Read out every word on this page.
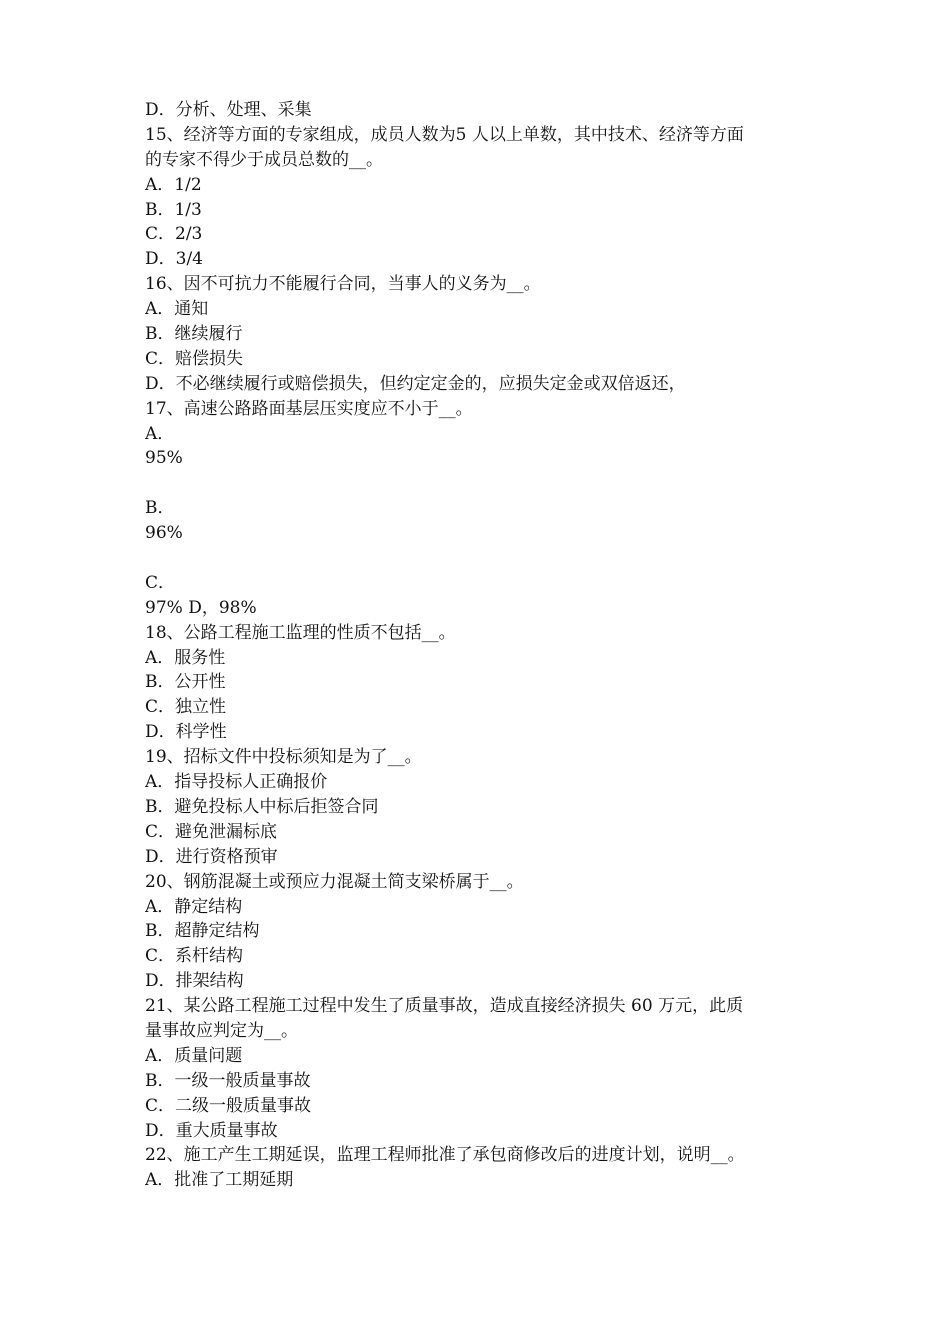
D．分析、处理、采集
15、经济等方面的专家组成，成员人数为5 人以上单数，其中技术、经济等方面
的专家不得少于成员总数的__。
A．1/2
B．1/3
C．2/3
D．3/4
16、因不可抗力不能履行合同，当事人的义务为__。
A．通知
B．继续履行
C．赔偿损失
D．不必继续履行或赔偿损失，但约定定金的，应损失定金或双倍返还，
17、高速公路路面基层压实度应不小于__。
A．
95%
B．
96%
C．
97% D，98%
18、公路工程施工监理的性质不包括__。
A．服务性
B．公开性
C．独立性
D．科学性
19、招标文件中投标须知是为了__。
A．指导投标人正确报价
B．避免投标人中标后拒签合同
C．避免泄漏标底
D．进行资格预审
20、钢筋混凝土或预应力混凝土简支梁桥属于__。
A．静定结构
B．超静定结构
C．系杆结构
D．排架结构
21、某公路工程施工过程中发生了质量事故，造成直接经济损失 60 万元，此质
量事故应判定为__。
A．质量问题
B．一级一般质量事故
C．二级一般质量事故
D．重大质量事故
22、施工产生工期延误，监理工程师批准了承包商修改后的进度计划，说明__。
A．批准了工期延期
